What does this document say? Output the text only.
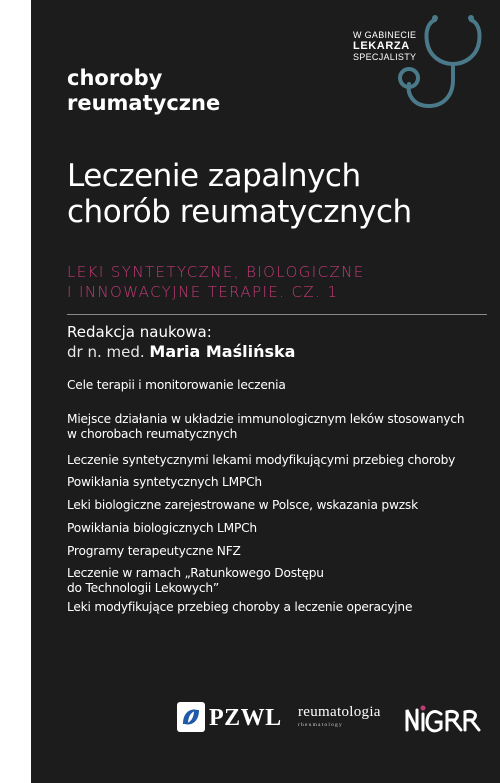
choroby
reumatyczne
W GABINECIE
LEKARZA
SPECJALISTY
Leczenie zapalnych
chorób reumatycznych
LEKI SYNTETYCZNE, BIOLOGICZNE
I INNOWACYJNE TERAPIE. CZ. 1
Redakcja naukowa:
dr n. med. Maria Maślińska
Cele terapii i monitorowanie leczenia
Miejsce działania w układzie immunologicznym leków stosowanych w chorobach reumatycznych
Leczenie syntetycznymi lekami modyfikującymi przebieg choroby
Powikłania syntetycznych LMPCh
Leki biologiczne zarejestrowane w Polsce, wskazania pwzsk
Powikłania biologicznych LMPCh
Programy terapeutyczne NFZ
Leczenie w ramach „Ratunkowego Dostępu do Technologii Lekowych”
Leki modyfikujące przebieg choroby a leczenie operacyjne
PZWL reumatologia
rheumatology
